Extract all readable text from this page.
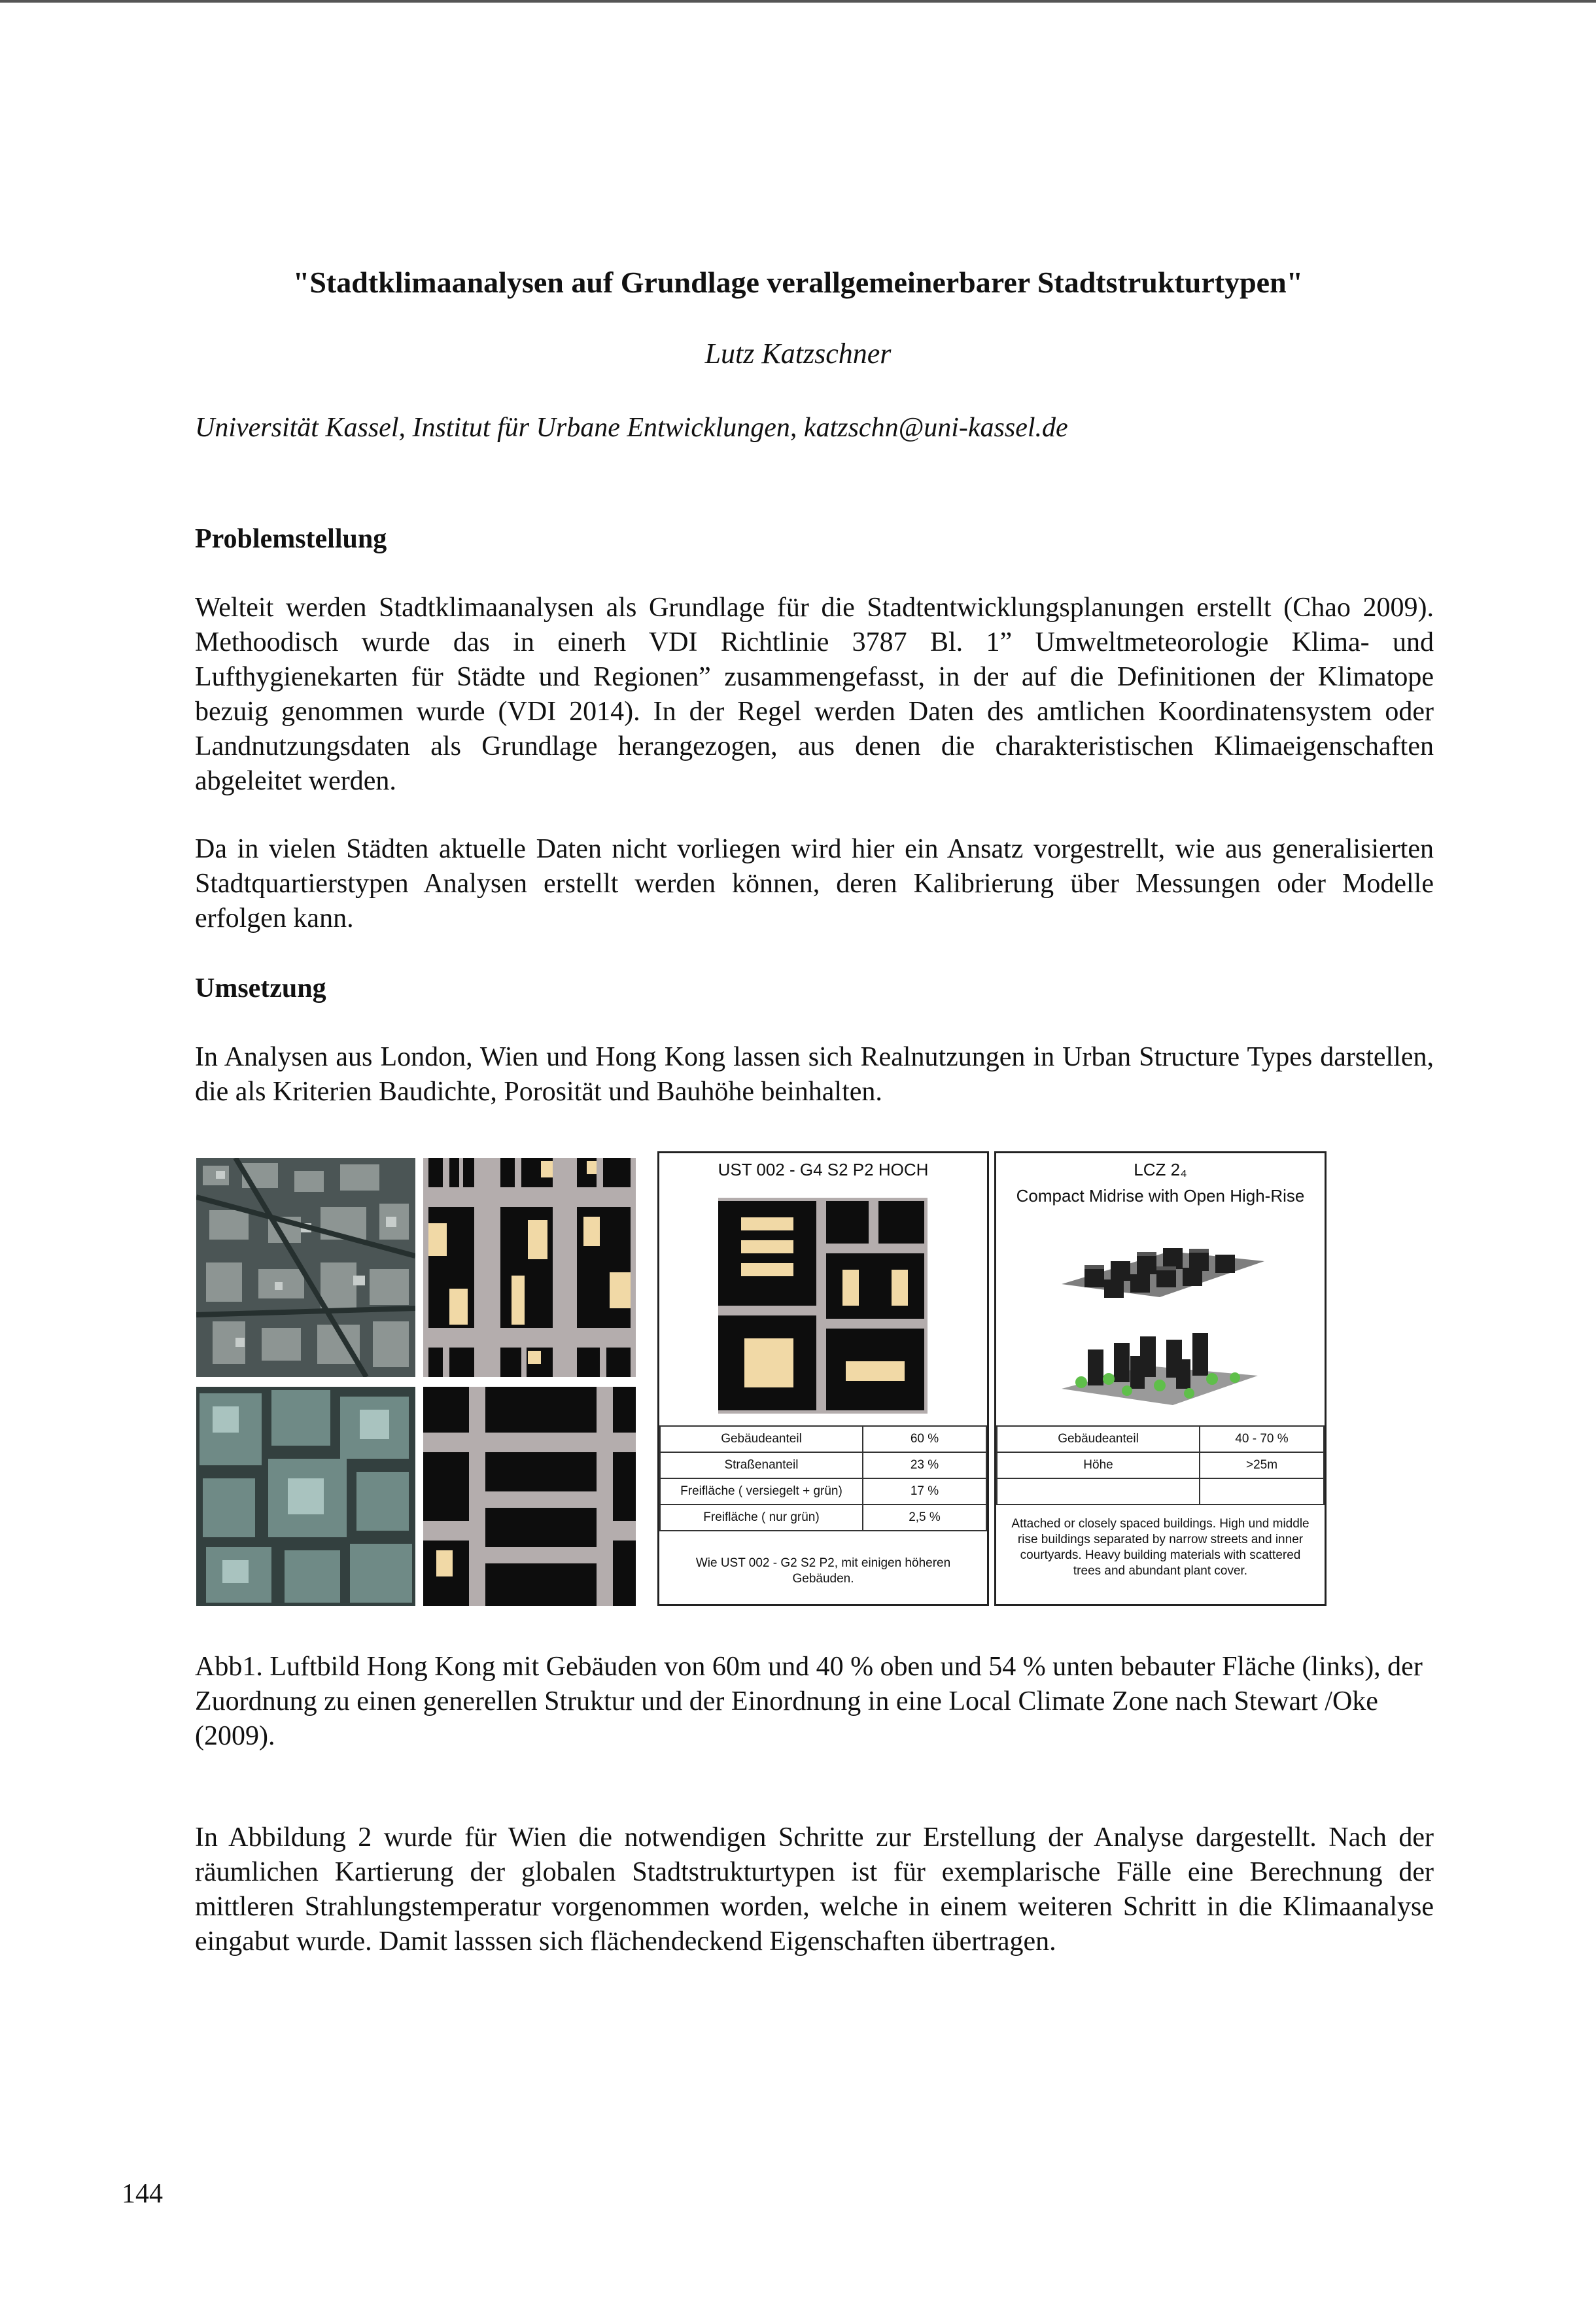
"Stadtklimaanalysen auf Grundlage verallgemeinerbarer Stadtstrukturtypen"
Lutz Katzschner
Universität Kassel, Institut für Urbane Entwicklungen, katzschn@uni-kassel.de
Problemstellung

Welteit werden Stadtklimaanalysen als Grundlage für die Stadtentwicklungsplanungen erstellt (Chao 2009). Methoodisch wurde das in einerh VDI Richtlinie 3787 Bl. 1” Umweltmeteorologie Klima- und Lufthygienekarten für Städte und Regionen” zusammengefasst, in der auf die Definitionen der Klimatope bezuig genommen wurde (VDI 2014). In der Regel werden Daten des amtlichen Koordinatensystem oder Landnutzungsdaten als Grundlage herangezogen, aus denen die charakteristischen Klimaeigenschaften abgeleitet werden.

Da in vielen Städten aktuelle Daten nicht vorliegen wird hier ein Ansatz vorgestrellt, wie aus generalisierten Stadtquartierstypen Analysen erstellt werden können, deren Kalibrierung über Messungen oder Modelle erfolgen kann.

Umsetzung

In Analysen aus London, Wien und Hong Kong lassen sich Realnutzungen in Urban Structure Types darstellen, die als Kriterien Baudichte, Porosität und Bauhöhe beinhalten.

UST 002 - G4 S2 P2 HOCH
Gebäudeanteil	60 %
Straßenanteil	23 %
Freifläche ( versiegelt + grün)	17 %
Freifläche ( nur grün)	2,5 %
Wie UST 002 - G2 S2 P2, mit einigen höheren Gebäuden.
LCZ 2₄
Compact Midrise with Open High-Rise
Gebäudeanteil	40 - 70 %
Höhe	>25m

Attached or closely spaced buildings. High und middle rise buildings separated by narrow streets and inner courtyards. Heavy building materials with scattered trees and abundant plant cover.

Abb1. Luftbild Hong Kong mit Gebäuden von 60m und 40 % oben und 54 % unten bebauter Fläche (links), der Zuordnung zu einen generellen Struktur und der Einordnung in eine Local Climate Zone nach Stewart /Oke (2009).

In Abbildung 2 wurde für Wien die notwendigen Schritte zur Erstellung der Analyse dargestellt. Nach der räumlichen Kartierung der globalen Stadtstrukturtypen ist für exemplarische Fälle eine Berechnung der mittleren Strahlungstemperatur vorgenommen worden, welche in einem weiteren Schritt in die Klimaanalyse eingabut wurde. Damit lasssen sich flächendeckend Eigenschaften übertragen.

144
